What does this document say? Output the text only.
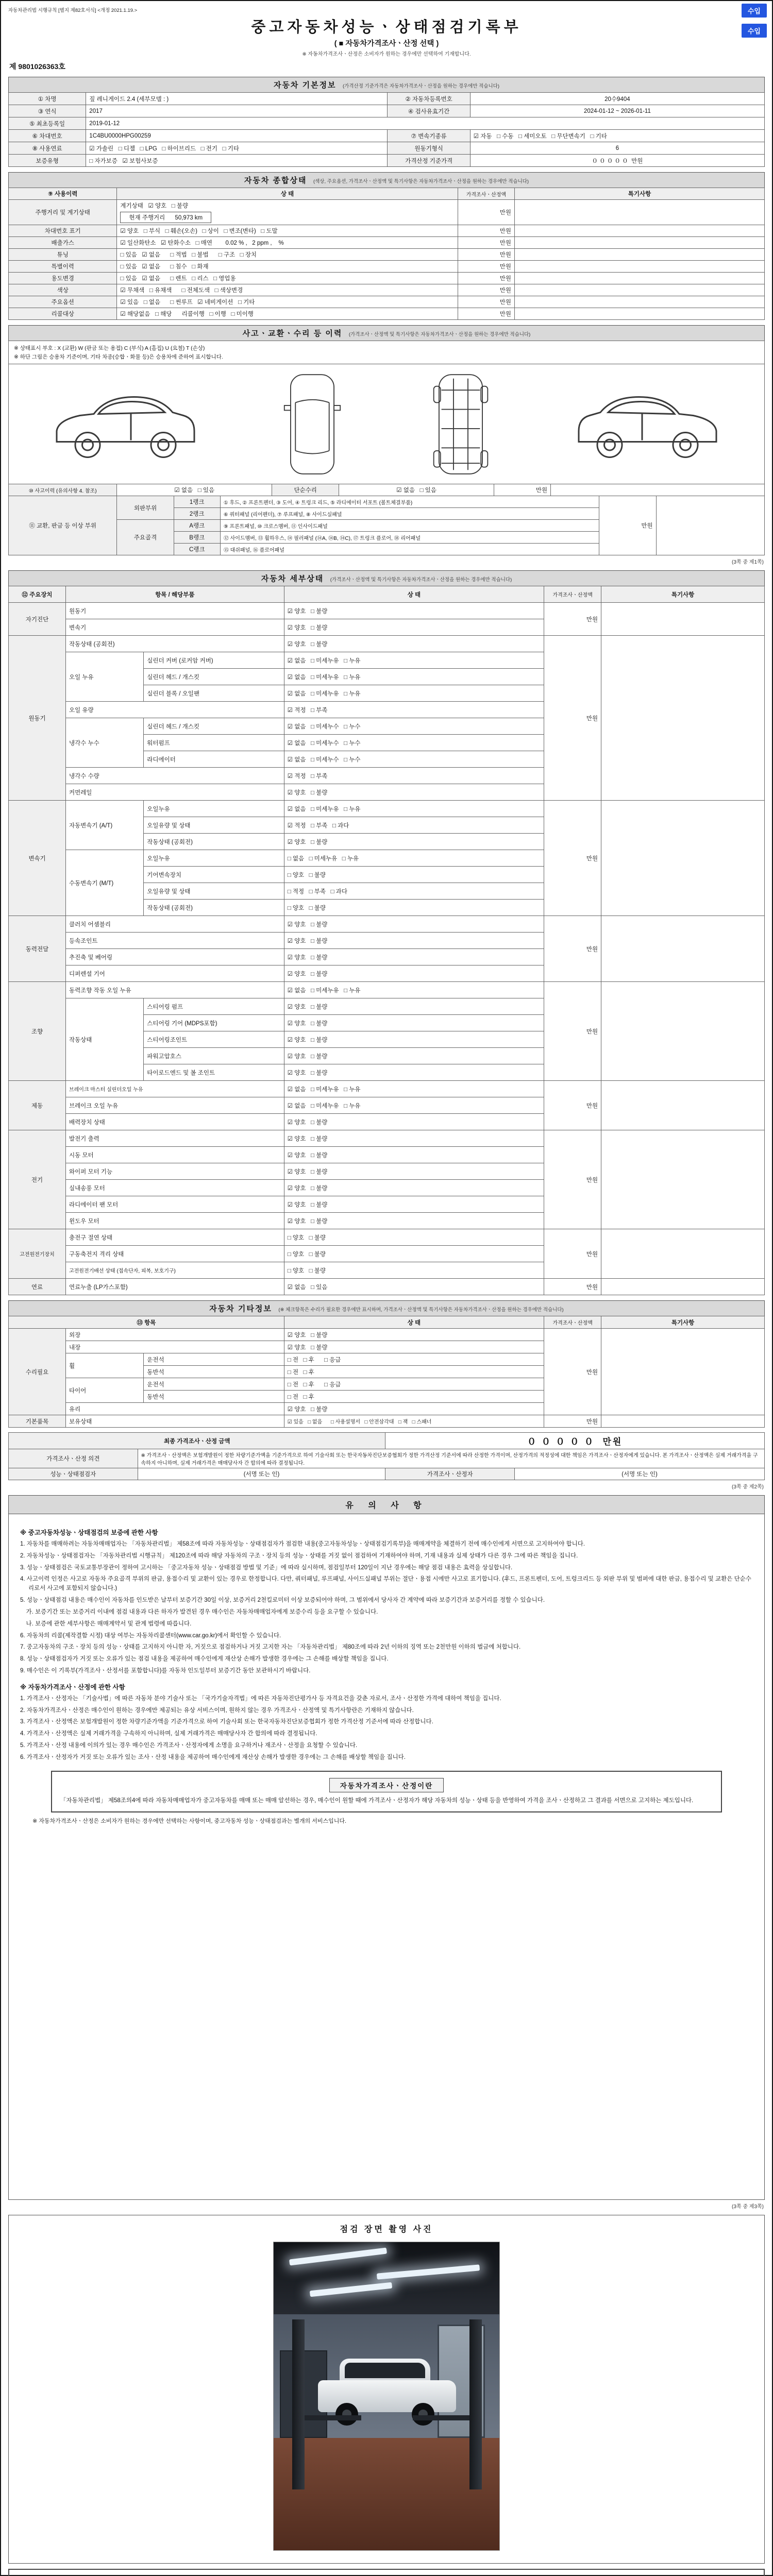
자동차관리법 시행규칙 [별지 제82호서식] <개정 2021.1.19.>	수입
수입
중고자동차성능ㆍ상태점검기록부
( ■ 자동차가격조사ㆍ산정 선택 )
※ 자동차가격조사ㆍ산정은 소비자가 원하는 경우에만 선택하여 기재합니다.
제 9801026363호
자동차 기본정보 (가격산정 기준가격은 자동차가격조사ㆍ산정을 원하는 경우에만 적습니다)
① 차명	짚 레니게이드 2.4 (세부모델 : )	② 자동차등록번호	20수9404
③ 연식	2017	④ 검사유효기간	2024-01-12 ~ 2026-01-11
⑤ 최초등록일	2019-01-12		
⑥ 차대번호	1C4BU0000HPG00259	⑦ 변속기종류	☑ 자동   □ 수동   □ 세미오토   □ 무단변속기   □ 기타
⑧ 사용연료	☑ 가솔린   □ 디젤   □ LPG   □ 하이브리드   □ 전기   □ 기타	원동기형식	6
보증유형	□ 자가보증   ☑ 보험사보증	가격산정 기준가격	０ ０ ０ ０ ０  만원
자동차 종합상태 (색상, 주요옵션, 가격조사ㆍ산정액 및 특기사항은 자동차가격조사ㆍ산정을 원하는 경우에만 적습니다)
⑨ 사용이력	상 태	가격조사ㆍ산정액	특기사항
주행거리 및 계기상태	계기상태   ☑ 양호   □ 불량
현재 주행거리      50,973 km	만원	
차대번호 표기	☑ 양호   □ 부식   □ 훼손(오손)   □ 상이   □ 변조(변타)   □ 도말	만원	
배출가스	☑ 일산화탄소   ☑ 탄화수소   □ 매연        0.02 % ,   2 ppm ,    %	만원	
튜닝	□ 있음   ☑ 없음      □ 적법   □ 불법      □ 구조   □ 장치	만원	
특별이력	□ 있음   ☑ 없음      □ 침수   □ 화재	만원	
용도변경	□ 있음   ☑ 없음      □ 렌트   □ 리스   □ 영업용	만원	
색상	☑ 무채색   □ 유채색      □ 전체도색   □ 색상변경	만원	
주요옵션	☑ 있음   □ 없음      □ 썬루프   ☑ 네비게이션   □ 기타	만원	
리콜대상	☑ 해당없음   □ 해당      리콜이행   □ 이행   □ 미이행	만원	
사고ㆍ교환ㆍ수리 등 이력 (가격조사ㆍ산정액 및 특기사항은 자동차가격조사ㆍ산정을 원하는 경우에만 적습니다)
※ 상태표시 부호 : X (교환) W (판금 또는 용접) C (부식) A (흠집) U (요철) T (손상)
※ 하단 그림은 승용차 기준이며, 기타 차종(승합ㆍ화물 등)은 승용차에 준하여 표시합니다.
⑩ 사고이력 (유의사항 4. 참조)	☑ 없음   □ 있음	단순수리	☑ 없음   □ 있음	만원	
⑪ 교환, 판금 등 이상 부위	외판부위	1랭크	① 후드, ② 프론트펜더, ③ 도어, ④ 트렁크 리드, ⑤ 라디에이터 서포트 (볼트체결부품)	만원	
		2랭크	⑥ 쿼터패널 (리어펜더), ⑦ 루프패널, ⑧ 사이드실패널		
	주요골격	A랭크	⑨ 프론트패널, ⑩ 크로스멤버, ⑪ 인사이드패널		
		B랭크	⑫ 사이드멤버, ⑬ 휠하우스, ⑭ 필러패널 (⑭A, ⑭B, ⑭C), ⑰ 트렁크 플로어, ⑱ 리어패널		
		C랭크	⑮ 대쉬패널, ⑯ 플로어패널		
(3쪽 중 제1쪽)
자동차 세부상태 (가격조사ㆍ산정액 및 특기사항은 자동차가격조사ㆍ산정을 원하는 경우에만 적습니다)
⑫ 주요장치	항목 / 해당부품		상 태	가격조사ㆍ산정액	특기사항
자기진단	원동기		☑ 양호   □ 불량	만원	
	변속기		☑ 양호   □ 불량		
원동기	작동상태 (공회전)		☑ 양호   □ 불량	만원	
	오일 누유	실린더 커버 (로커암 커버)	☑ 없음   □ 미세누유   □ 누유		
		실린더 헤드 / 개스킷	☑ 없음   □ 미세누유   □ 누유		
		실린더 블록 / 오일팬	☑ 없음   □ 미세누유   □ 누유		
	오일 유량		☑ 적정   □ 부족		
	냉각수 누수	실린더 헤드 / 개스킷	☑ 없음   □ 미세누수   □ 누수		
		워터펌프	☑ 없음   □ 미세누수   □ 누수		
		라디에이터	☑ 없음   □ 미세누수   □ 누수		
	냉각수 수량		☑ 적정   □ 부족		
	커먼레일		☑ 양호   □ 불량		
변속기	자동변속기 (A/T)	오일누유	☑ 없음   □ 미세누유   □ 누유	만원	
		오일유량 및 상태	☑ 적정   □ 부족   □ 과다		
		작동상태 (공회전)	☑ 양호   □ 불량		
	수동변속기 (M/T)	오일누유	□ 없음   □ 미세누유   □ 누유		
		기어변속장치	□ 양호   □ 불량		
		오일유량 및 상태	□ 적정   □ 부족   □ 과다		
		작동상태 (공회전)	□ 양호   □ 불량		
동력전달	클러치 어셈블리		☑ 양호   □ 불량	만원	
	등속조인트		☑ 양호   □ 불량		
	추진축 및 베어링		☑ 양호   □ 불량		
	디퍼렌셜 기어		☑ 양호   □ 불량		
조향	동력조향 작동 오일 누유		☑ 없음   □ 미세누유   □ 누유	만원	
	작동상태	스티어링 펌프	☑ 양호   □ 불량		
		스티어링 기어 (MDPS포함)	☑ 양호   □ 불량		
		스티어링조인트	☑ 양호   □ 불량		
		파워고압호스	☑ 양호   □ 불량		
		타이로드엔드 및 볼 조인트	☑ 양호   □ 불량		
제동	브레이크 마스터 실린더오일 누유		☑ 없음   □ 미세누유   □ 누유	만원	
	브레이크 오일 누유		☑ 없음   □ 미세누유   □ 누유		
	배력장치 상태		☑ 양호   □ 불량		
전기	발전기 출력		☑ 양호   □ 불량	만원	
	시동 모터		☑ 양호   □ 불량		
	와이퍼 모터 기능		☑ 양호   □ 불량		
	실내송풍 모터		☑ 양호   □ 불량		
	라디에이터 팬 모터		☑ 양호   □ 불량		
	윈도우 모터		☑ 양호   □ 불량		
고전원전기장치	충전구 절연 상태		□ 양호   □ 불량	만원	
	구동축전지 격리 상태		□ 양호   □ 불량		
	고전원전기배선 상태 (접속단자, 피복, 보호기구)		□ 양호   □ 불량		
연료	연료누출 (LP가스포함)		☑ 없음   □ 있음	만원	
자동차 기타정보 (※ 체크항목은 수리가 필요한 경우에만 표시하며, 가격조사ㆍ산정액 및 특기사항은 자동차가격조사ㆍ산정을 원하는 경우에만 적습니다)
⑬ 항목			상 태	가격조사ㆍ산정액	특기사항
수리필요	외장		☑ 양호   □ 불량	만원	
	내장		☑ 양호   □ 불량		
	휠	운전석	□ 전   □ 후      □ 응급		
		동반석	□ 전   □ 후		
	타이어	운전석	□ 전   □ 후      □ 응급		
		동반석	□ 전   □ 후		
	유리		☑ 양호   □ 불량		
기본품목	보유상태		☑ 있음   □ 없음      □ 사용설명서   □ 안전삼각대   □ 잭   □ 스패너	만원	
최종 가격조사ㆍ산정 금액		０ ０ ０ ０ ０  만원	
가격조사ㆍ산정 의견	※ 가격조사ㆍ산정액은 보험개발원이 정한 차량기준가액을 기준가격으로 하여 기술사회 또는 한국자동차진단보증협회가 정한 가격산정 기준서에 따라 산정한 가격이며, 산정가격의 적정성에 대한 책임은 가격조사ㆍ산정자에게 있습니다. 본 가격조사ㆍ산정액은 실제 거래가격을 구속하지 아니하며, 실제 거래가격은 매매당사자 간 합의에 따라 결정됩니다.		
성능ㆍ상태점검자	(서명 또는 인)	가격조사ㆍ산정자	(서명 또는 인)
(3쪽 중 제2쪽)
유 의 사 항
※ 중고자동차성능ㆍ상태점검의 보증에 관한 사항
1. 자동차를 매매하려는 자동차매매업자는 「자동차관리법」 제58조에 따라 자동차성능ㆍ상태점검자가 점검한 내용(중고자동차성능ㆍ상태점검기록부)을 매매계약을 체결하기 전에 매수인에게 서면으로 고지하여야 합니다.
2. 자동차성능ㆍ상태점검자는 「자동차관리법 시행규칙」 제120조에 따라 해당 자동차의 구조ㆍ장치 등의 성능ㆍ상태를 거짓 없이 점검하여 기재하여야 하며, 기재 내용과 실제 상태가 다른 경우 그에 따른 책임을 집니다.
3. 성능ㆍ상태점검은 국토교통부장관이 정하여 고시하는 「중고자동차 성능ㆍ상태점검 방법 및 기준」에 따라 실시하며, 점검일부터 120일이 지난 경우에는 해당 점검 내용은 효력을 상실합니다.
4. 사고이력 인정은 사고로 자동차 주요골격 부위의 판금, 용접수리 및 교환이 있는 경우로 한정합니다. 다만, 쿼터패널, 루프패널, 사이드실패널 부위는 절단ㆍ용접 시에만 사고로 표기합니다. (후드, 프론트펜더, 도어, 트렁크리드 등 외판 부위 및 범퍼에 대한 판금, 용접수리 및 교환은 단순수리로서 사고에 포함되지 않습니다.)
5. 성능ㆍ상태점검 내용은 매수인이 자동차를 인도받은 날부터 보증기간 30일 이상, 보증거리 2천킬로미터 이상 보증되어야 하며, 그 범위에서 당사자 간 계약에 따라 보증기간과 보증거리를 정할 수 있습니다.
　가. 보증기간 또는 보증거리 이내에 점검 내용과 다른 하자가 발견된 경우 매수인은 자동차매매업자에게 보증수리 등을 요구할 수 있습니다.
　나. 보증에 관한 세부사항은 매매계약서 및 관계 법령에 따릅니다.
6. 자동차의 리콜(제작결함 시정) 대상 여부는 자동차리콜센터(www.car.go.kr)에서 확인할 수 있습니다.
7. 중고자동차의 구조ㆍ장치 등의 성능ㆍ상태를 고지하지 아니한 자, 거짓으로 점검하거나 거짓 고지한 자는 「자동차관리법」 제80조에 따라 2년 이하의 징역 또는 2천만원 이하의 벌금에 처합니다.
8. 성능ㆍ상태점검자가 거짓 또는 오류가 있는 점검 내용을 제공하여 매수인에게 재산상 손해가 발생한 경우에는 그 손해를 배상할 책임을 집니다.
9. 매수인은 이 기록부(가격조사ㆍ산정서를 포함합니다)를 자동차 인도일부터 보증기간 동안 보관하시기 바랍니다.
※ 자동차가격조사ㆍ산정에 관한 사항
1. 가격조사ㆍ산정자는 「기술사법」에 따른 자동차 분야 기술사 또는 「국가기술자격법」에 따른 자동차진단평가사 등 자격요건을 갖춘 자로서, 조사ㆍ산정한 가격에 대하여 책임을 집니다.
2. 자동차가격조사ㆍ산정은 매수인이 원하는 경우에만 제공되는 유상 서비스이며, 원하지 않는 경우 가격조사ㆍ산정액 및 특기사항란은 기재하지 않습니다.
3. 가격조사ㆍ산정액은 보험개발원이 정한 차량기준가액을 기준가격으로 하여 기술사회 또는 한국자동차진단보증협회가 정한 가격산정 기준서에 따라 산정합니다.
4. 가격조사ㆍ산정액은 실제 거래가격을 구속하지 아니하며, 실제 거래가격은 매매당사자 간 합의에 따라 결정됩니다.
5. 가격조사ㆍ산정 내용에 이의가 있는 경우 매수인은 가격조사ㆍ산정자에게 소명을 요구하거나 재조사ㆍ산정을 요청할 수 있습니다.
6. 가격조사ㆍ산정자가 거짓 또는 오류가 있는 조사ㆍ산정 내용을 제공하여 매수인에게 재산상 손해가 발생한 경우에는 그 손해를 배상할 책임을 집니다.
자동차가격조사ㆍ산정이란
「자동차관리법」 제58조의4에 따라 자동차매매업자가 중고자동차를 매매 또는 매매 알선하는 경우, 매수인이 원할 때에 가격조사ㆍ산정자가 해당 자동차의 성능ㆍ상태 등을 반영하여 가격을 조사ㆍ산정하고 그 결과를 서면으로 고지하는 제도입니다.
※ 자동차가격조사ㆍ산정은 소비자가 원하는 경우에만 선택하는 사항이며, 중고자동차 성능ㆍ상태점검과는 별개의 서비스입니다.
(3쪽 중 제3쪽)
점검 장면 촬영 사진
